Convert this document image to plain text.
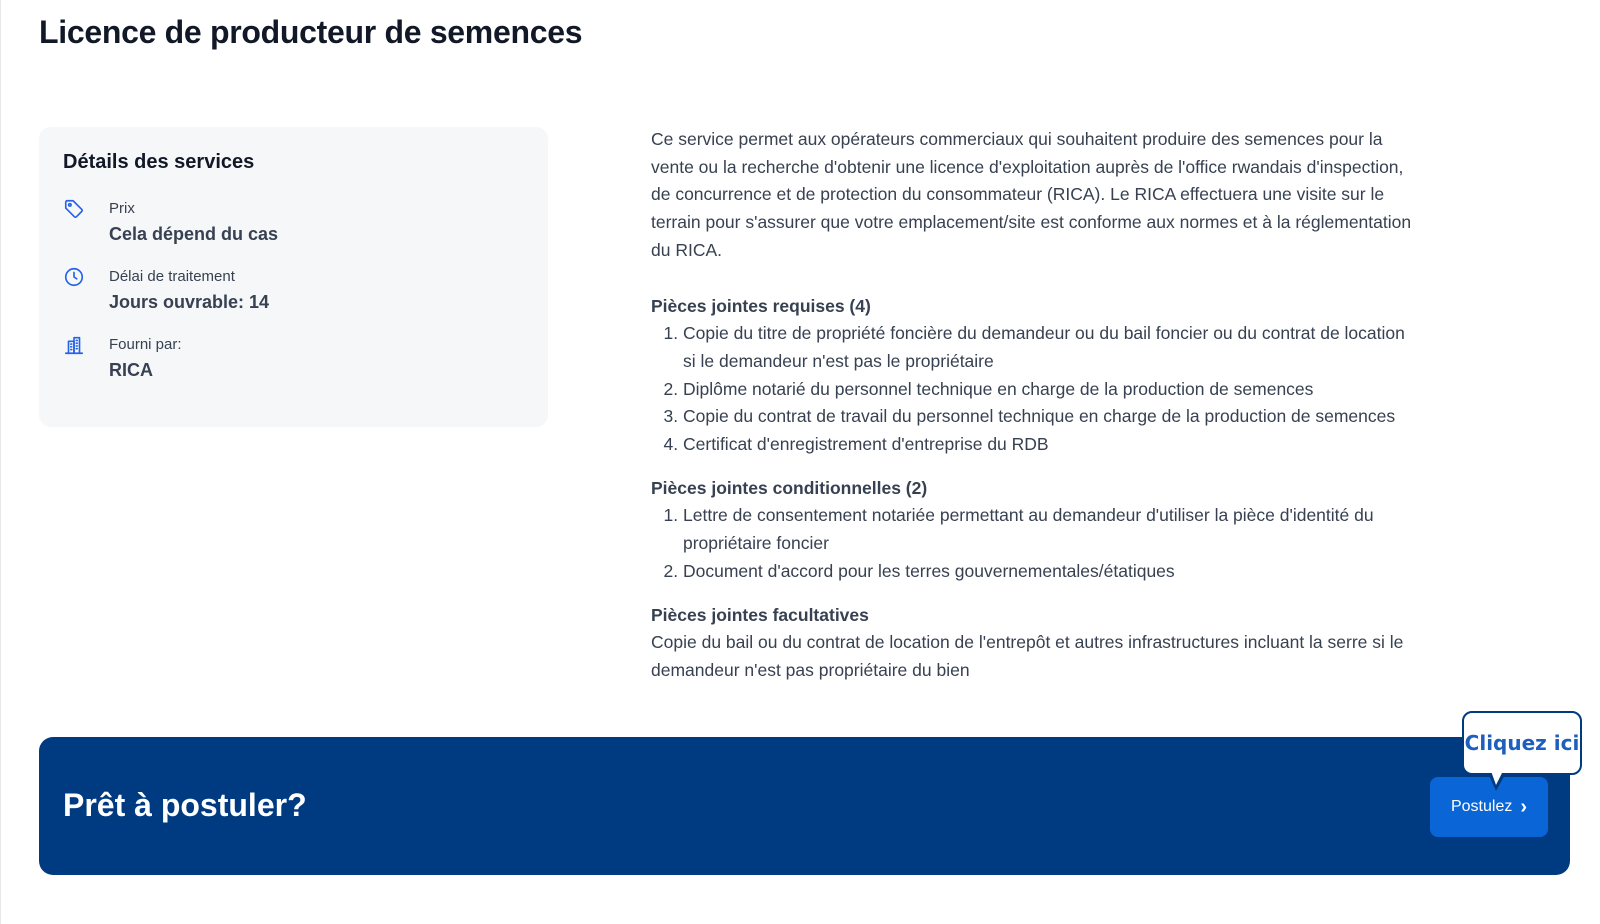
Licence de producteur de semences
Détails des services
Prix
Cela dépend du cas
Délai de traitement
Jours ouvrable: 14
Fourni par:
RICA

Ce service permet aux opérateurs commerciaux qui souhaitent produire des semences pour la vente ou la recherche d'obtenir une licence d'exploitation auprès de l'office rwandais d'inspection, de concurrence et de protection du consommateur (RICA). Le RICA effectuera une visite sur le terrain pour s'assurer que votre emplacement/site est conforme aux normes et à la réglementation du RICA.

Pièces jointes requises (4)

1. Copie du titre de propriété foncière du demandeur ou du bail foncier ou du contrat de location si le demandeur n'est pas le propriétaire
2. Diplôme notarié du personnel technique en charge de la production de semences
3. Copie du contrat de travail du personnel technique en charge de la production de semences
4. Certificat d'enregistrement d'entreprise du RDB

Pièces jointes conditionnelles (2)

1. Lettre de consentement notariée permettant au demandeur d'utiliser la pièce d'identité du propriétaire foncier
2. Document d'accord pour les terres gouvernementales/étatiques

Pièces jointes facultatives

Copie du bail ou du contrat de location de l'entrepôt et autres infrastructures incluant la serre si le demandeur n'est pas propriétaire du bien

Prêt à postuler?	Postulez ›
Cliquez ici
